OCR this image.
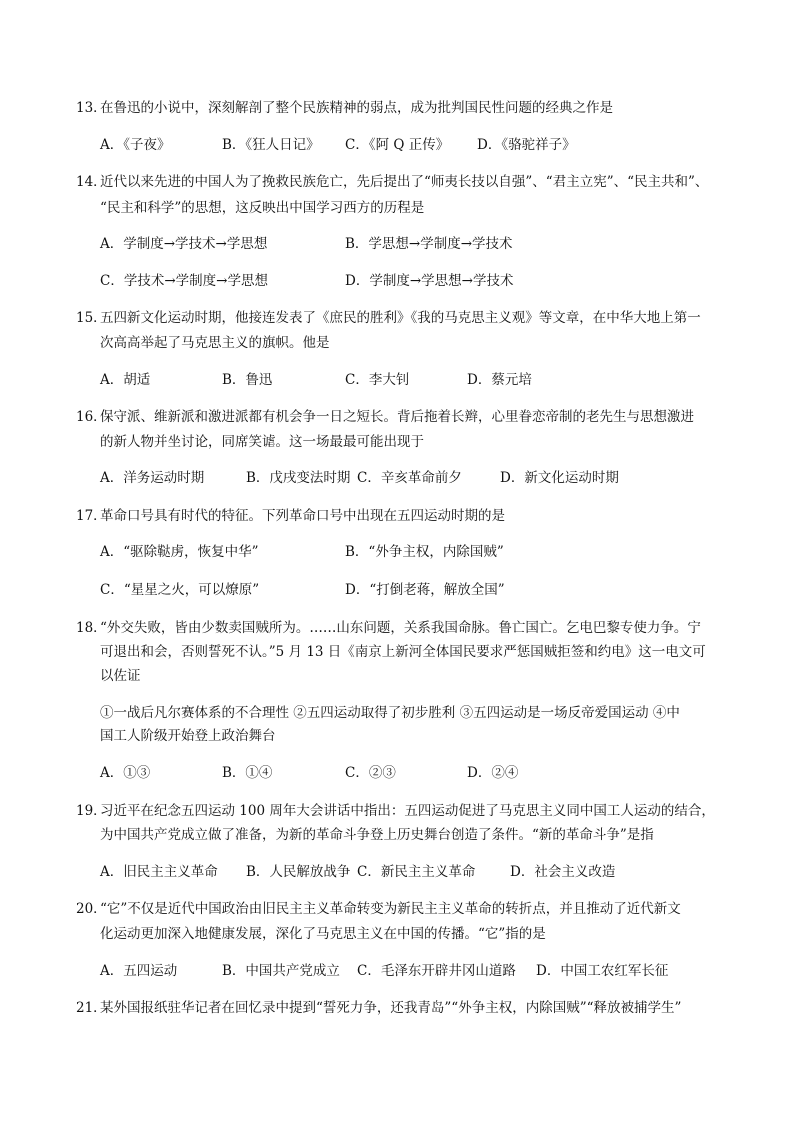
13．
在鲁迅的小说中，深刻解剖了整个民族精神的弱点，成为批判国民性问题的经典之作是
A．《子夜》	B．《狂人日记》 C．《阿 Q 正传》 D．《骆驼祥子》
14．
近代以来先进的中国人为了挽救民族危亡，先后提出了“师夷长技以自强”、“君主立宪”、“民主共和”、
“民主和科学”的思想，这反映出中国学习西方的历程是
A．学制度→学技术→学思想	B．学思想→学制度→学技术
C．学技术→学制度→学思想	D．学制度→学思想→学技术
15．
五四新文化运动时期，他接连发表了《庶民的胜利》《我的马克思主义观》等文章，在中华大地上第一
次高高举起了马克思主义的旗帜。他是
A．胡适	B．鲁迅	C．李大钊	D．蔡元培
16．
保守派、维新派和激进派都有机会争一日之短长。背后拖着长辫，心里眷恋帝制的老先生与思想激进
的新人物并坐讨论，同席笑谑。这一场最最可能出现于
A．洋务运动时期	B．戊戌变法时期 C．辛亥革命前夕	D．新文化运动时期
17．
革命口号具有时代的特征。下列革命口号中出现在五四运动时期的是
A．“驱除鞑虏，恢复中华”	B．“外争主权，内除国贼”
C．“星星之火，可以燎原”	D．“打倒老蒋，解放全国”
18．
“外交失败，皆由少数卖国贼所为。……山东问题，关系我国命脉。鲁亡国亡。乞电巴黎专使力争。宁
可退出和会，否则誓死不认。”5 月 13 日《南京上新河全体国民要求严惩国贼拒签和约电》这一电文可
以佐证
①一战后凡尔赛体系的不合理性 ②五四运动取得了初步胜利 ③五四运动是一场反帝爱国运动 ④中
国工人阶级开始登上政治舞台
A．①③	B．①④	C．②③	D．②④
19．
习近平在纪念五四运动 100 周年大会讲话中指出：五四运动促进了马克思主义同中国工人运动的结合，
为中国共产党成立做了准备，为新的革命斗争登上历史舞台创造了条件。“新的革命斗争”是指
A．旧民主主义革命 B．人民解放战争 C．新民主主义革命	D．社会主义改造
20．
“它”不仅是近代中国政治由旧民主主义革命转变为新民主主义革命的转折点，并且推动了近代新文
化运动更加深入地健康发展，深化了马克思主义在中国的传播。“它”指的是
A．五四运动	B．中国共产党成立 C．毛泽东开辟井冈山道路 D．中国工农红军长征
21．
某外国报纸驻华记者在回忆录中提到“誓死力争，还我青岛”“外争主权，内除国贼”“释放被捕学生”
